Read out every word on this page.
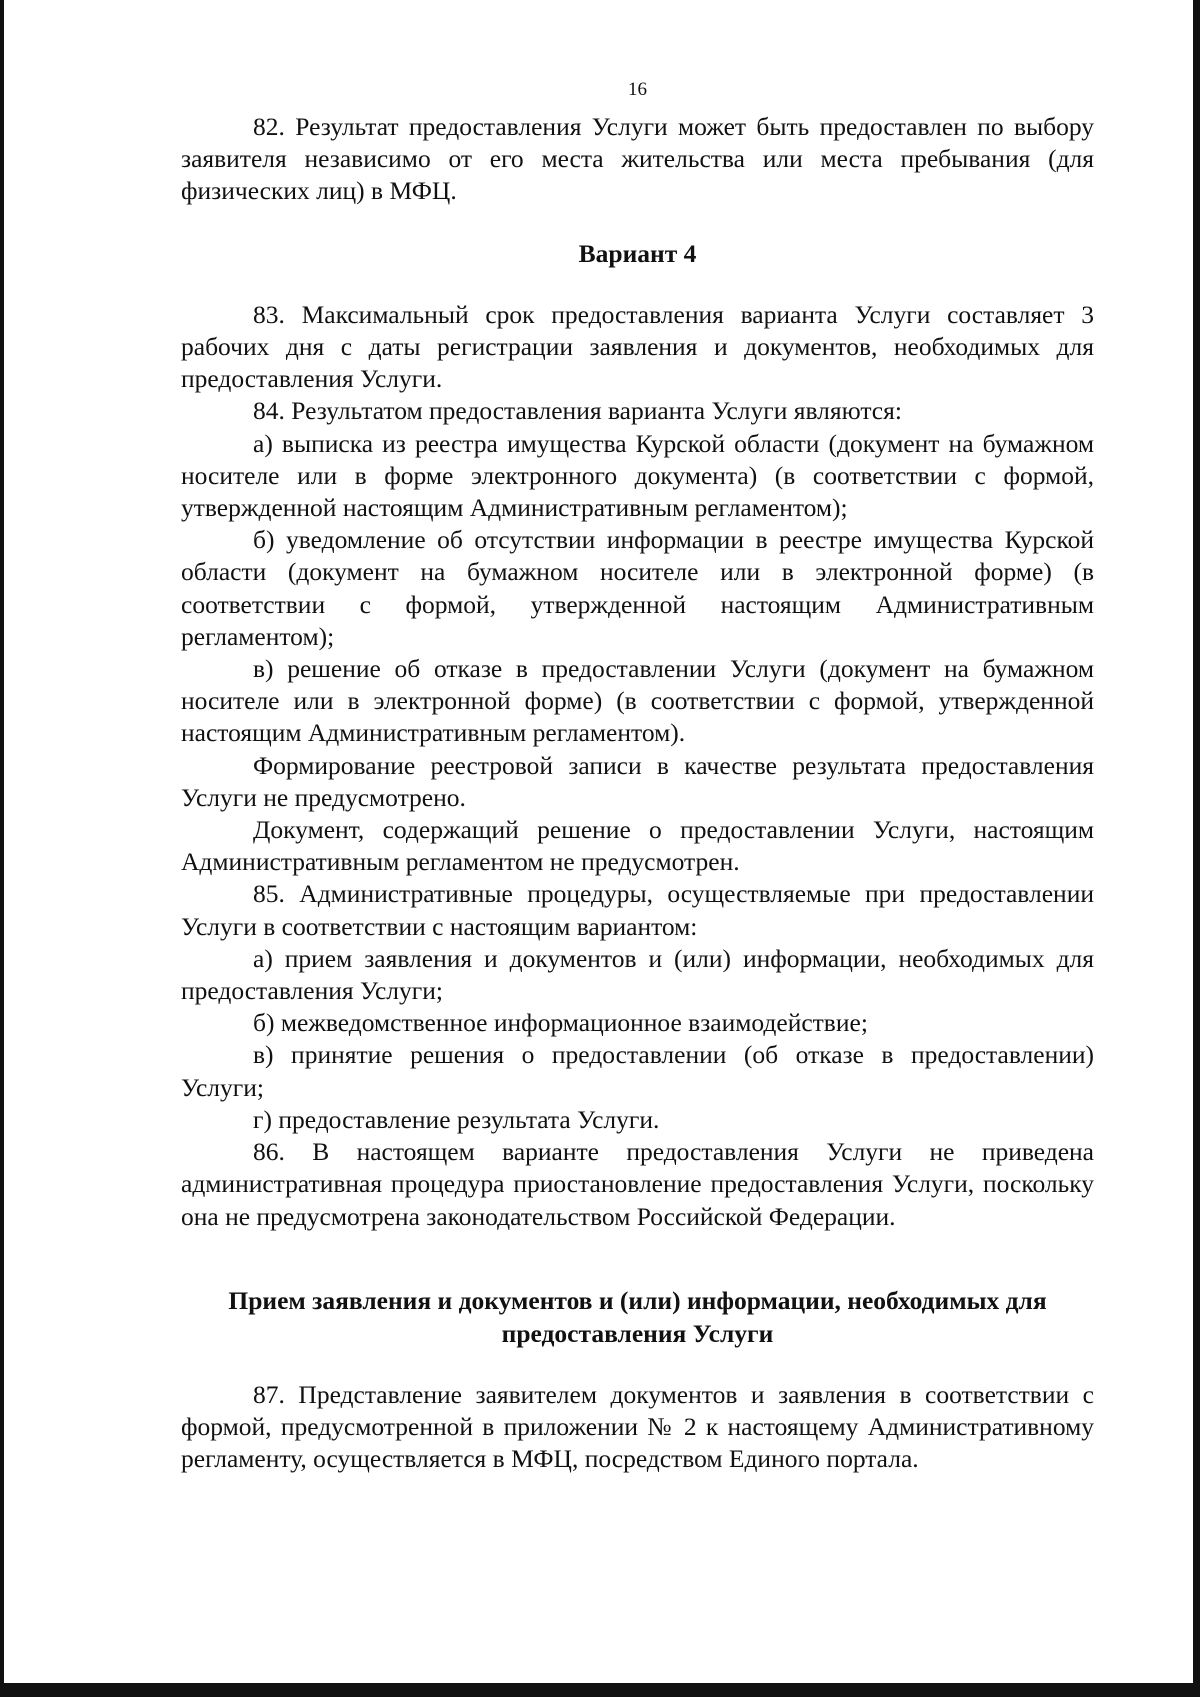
16

82. Результат предоставления Услуги может быть предоставлен по выбору заявителя независимо от его места жительства или места пребывания (для физических лиц) в МФЦ.

Вариант 4

83. Максимальный срок предоставления варианта Услуги составляет 3 рабочих дня с даты регистрации заявления и документов, необходимых для предоставления Услуги.

84. Результатом предоставления варианта Услуги являются:

а) выписка из реестра имущества Курской области (документ на бумажном носителе или в форме электронного документа) (в соответствии с формой, утвержденной настоящим Административным регламентом);

б) уведомление об отсутствии информации в реестре имущества Курской области (документ на бумажном носителе или в электронной форме) (в соответствии с формой, утвержденной настоящим Административным регламентом);

в) решение об отказе в предоставлении Услуги (документ на бумажном носителе или в электронной форме) (в соответствии с формой, утвержденной настоящим Административным регламентом).

Формирование реестровой записи в качестве результата предоставления Услуги не предусмотрено.

Документ, содержащий решение о предоставлении Услуги, настоящим Административным регламентом не предусмотрен.

85. Административные процедуры, осуществляемые при предоставлении Услуги в соответствии с настоящим вариантом:

а) прием заявления и документов и (или) информации, необходимых для предоставления Услуги;

б) межведомственное информационное взаимодействие;

в) принятие решения о предоставлении (об отказе в предоставлении) Услуги;

г) предоставление результата Услуги.

86. В настоящем варианте предоставления Услуги не приведена административная процедура приостановление предоставления Услуги, поскольку она не предусмотрена законодательством Российской Федерации.

Прием заявления и документов и (или) информации, необходимых для предоставления Услуги

87. Представление заявителем документов и заявления в соответствии с формой, предусмотренной в приложении № 2 к настоящему Административному регламенту, осуществляется в МФЦ, посредством Единого портала.
